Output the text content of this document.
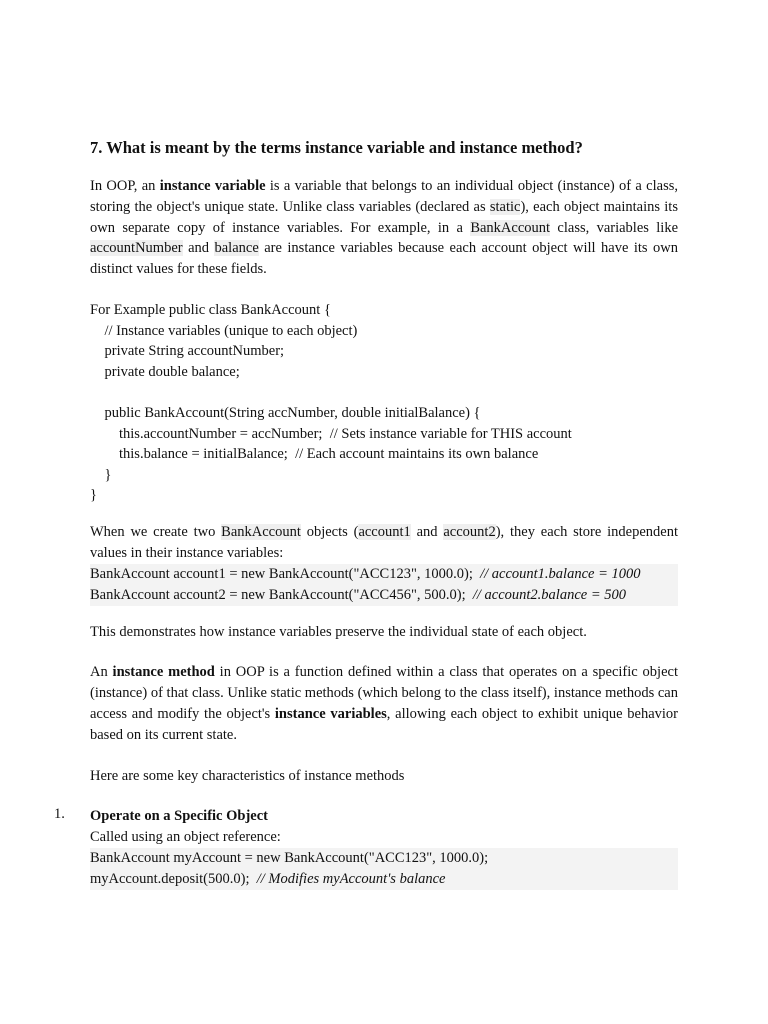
7. What is meant by the terms instance variable and instance method?

In OOP, an instance variable is a variable that belongs to an individual object (instance) of a class, storing the object's unique state. Unlike class variables (declared as static), each object maintains its own separate copy of instance variables. For example, in a BankAccount class, variables like accountNumber and balance are instance variables because each account object will have its own distinct values for these fields.

For Example public class BankAccount {
// Instance variables (unique to each object)
private String accountNumber;
private double balance;

public BankAccount(String accNumber, double initialBalance) {
this.accountNumber = accNumber;  // Sets instance variable for THIS account
this.balance = initialBalance;  // Each account maintains its own balance
}
}

When we create two BankAccount objects (account1 and account2), they each store independent values in their instance variables:

BankAccount account1 = new BankAccount("ACC123", 1000.0);  // account1.balance = 1000
BankAccount account2 = new BankAccount("ACC456", 500.0);  // account2.balance = 500

This demonstrates how instance variables preserve the individual state of each object.

An instance method in OOP is a function defined within a class that operates on a specific object (instance) of that class. Unlike static methods (which belong to the class itself), instance methods can access and modify the object's instance variables, allowing each object to exhibit unique behavior based on its current state.

Here are some key characteristics of instance methods

1. Operate on a Specific Object

Called using an object reference:

BankAccount myAccount = new BankAccount("ACC123", 1000.0);
myAccount.deposit(500.0);  // Modifies myAccount's balance
